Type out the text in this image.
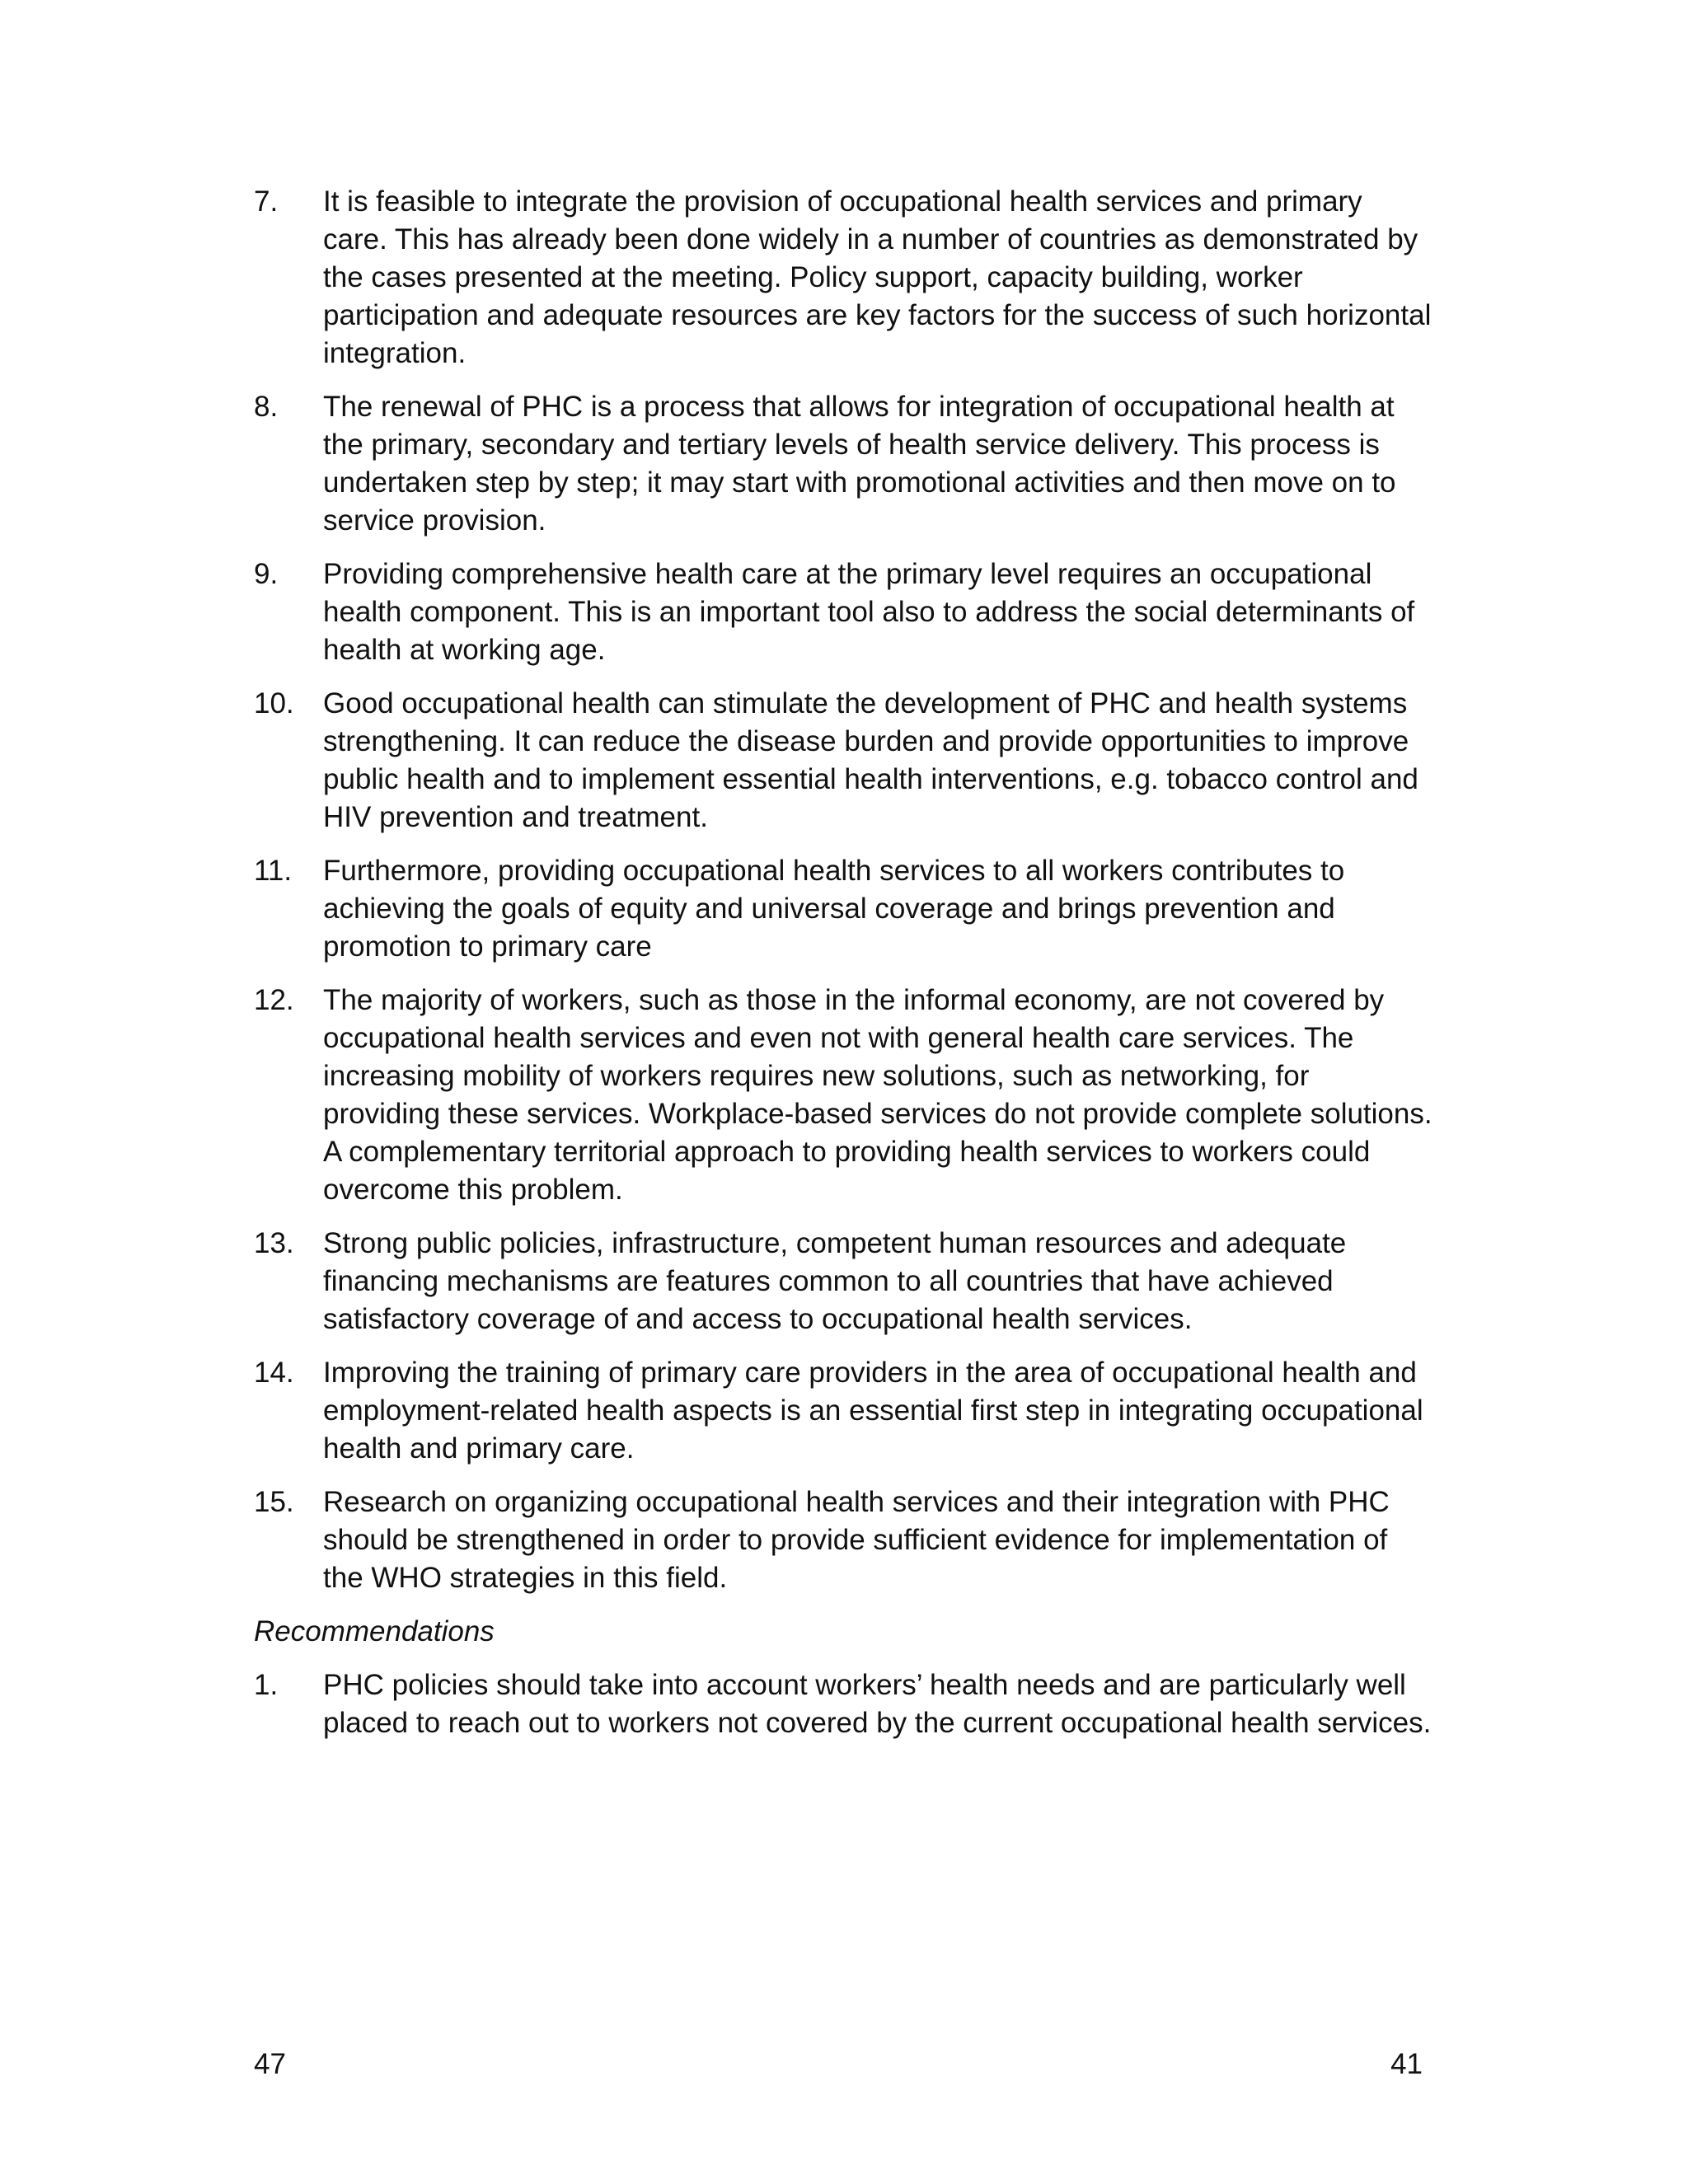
7.	It is feasible to integrate the provision of occupational health services and primary care. This has already been done widely in a number of countries as demonstrated by the cases presented at the meeting. Policy support, capacity building, worker participation and adequate resources are key factors for the success of such horizontal integration.
8.	The renewal of PHC is a process that allows for integration of occupational health at the primary, secondary and tertiary levels of health service delivery. This process is undertaken step by step; it may start with promotional activities and then move on to service provision.
9.	Providing comprehensive health care at the primary level requires an occupational health component. This is an important tool also to address the social determinants of health at working age.
10.	Good occupational health can stimulate the development of PHC and health systems strengthening. It can reduce the disease burden and provide opportunities to improve public health and to implement essential health interventions, e.g. tobacco control and HIV prevention and treatment.
11.	Furthermore, providing occupational health services to all workers contributes to achieving the goals of equity and universal coverage and brings prevention and promotion to primary care
12.	The majority of workers, such as those in the informal economy, are not covered by occupational health services and even not with general health care services. The increasing mobility of workers requires new solutions, such as networking, for providing these services. Workplace-based services do not provide complete solutions. A complementary territorial approach to providing health services to workers could overcome this problem.
13.	Strong public policies, infrastructure, competent human resources and adequate financing mechanisms are features common to all countries that have achieved satisfactory coverage of and access to occupational health services.
14.	Improving the training of primary care providers in the area of occupational health and employment-related health aspects is an essential first step in integrating occupational health and primary care.
15.	Research on organizing occupational health services and their integration with PHC should be strengthened in order to provide sufficient evidence for implementation of the WHO strategies in this field.
Recommendations
1.	PHC policies should take into account workers’ health needs and are particularly well placed to reach out to workers not covered by the current occupational health services.
47	41
